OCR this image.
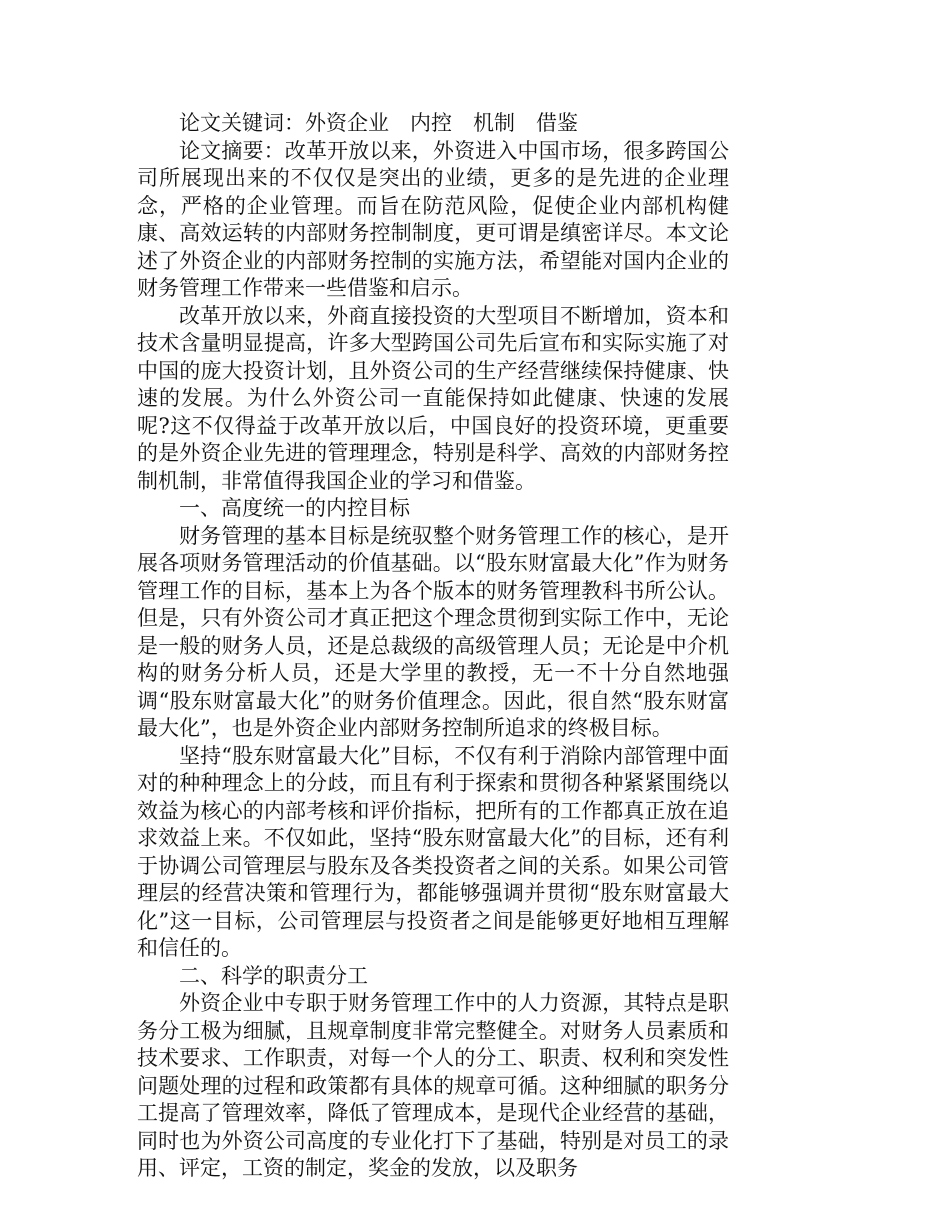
论文关键词：外资企业　内控　机制　借鉴

论文摘要：改革开放以来，外资进入中国市场，很多跨国公司所展现出来的不仅仅是突出的业绩，更多的是先进的企业理念，严格的企业管理。而旨在防范风险，促使企业内部机构健康、高效运转的内部财务控制制度，更可谓是缜密详尽。本文论述了外资企业的内部财务控制的实施方法，希望能对国内企业的财务管理工作带来一些借鉴和启示。

改革开放以来，外商直接投资的大型项目不断增加，资本和技术含量明显提高，许多大型跨国公司先后宣布和实际实施了对中国的庞大投资计划，且外资公司的生产经营继续保持健康、快速的发展。为什么外资公司一直能保持如此健康、快速的发展呢?这不仅得益于改革开放以后，中国良好的投资环境，更重要的是外资企业先进的管理理念，特别是科学、高效的内部财务控制机制，非常值得我国企业的学习和借鉴。

一、高度统一的内控目标

财务管理的基本目标是统驭整个财务管理工作的核心，是开展各项财务管理活动的价值基础。以“股东财富最大化”作为财务管理工作的目标，基本上为各个版本的财务管理教科书所公认。但是，只有外资公司才真正把这个理念贯彻到实际工作中，无论是一般的财务人员，还是总裁级的高级管理人员；无论是中介机构的财务分析人员，还是大学里的教授，无一不十分自然地强调“股东财富最大化”的财务价值理念。因此，很自然“股东财富最大化”，也是外资企业内部财务控制所追求的终极目标。

坚持“股东财富最大化”目标，不仅有利于消除内部管理中面对的种种理念上的分歧，而且有利于探索和贯彻各种紧紧围绕以效益为核心的内部考核和评价指标，把所有的工作都真正放在追求效益上来。不仅如此，坚持“股东财富最大化”的目标，还有利于协调公司管理层与股东及各类投资者之间的关系。如果公司管理层的经营决策和管理行为，都能够强调并贯彻“股东财富最大化”这一目标，公司管理层与投资者之间是能够更好地相互理解和信任的。

二、科学的职责分工

外资企业中专职于财务管理工作中的人力资源，其特点是职务分工极为细腻，且规章制度非常完整健全。对财务人员素质和技术要求、工作职责，对每一个人的分工、职责、权利和突发性问题处理的过程和政策都有具体的规章可循。这种细腻的职务分工提高了管理效率，降低了管理成本，是现代企业经营的基础，同时也为外资公司高度的专业化打下了基础，特别是对员工的录用、评定，工资的制定，奖金的发放，以及职务
